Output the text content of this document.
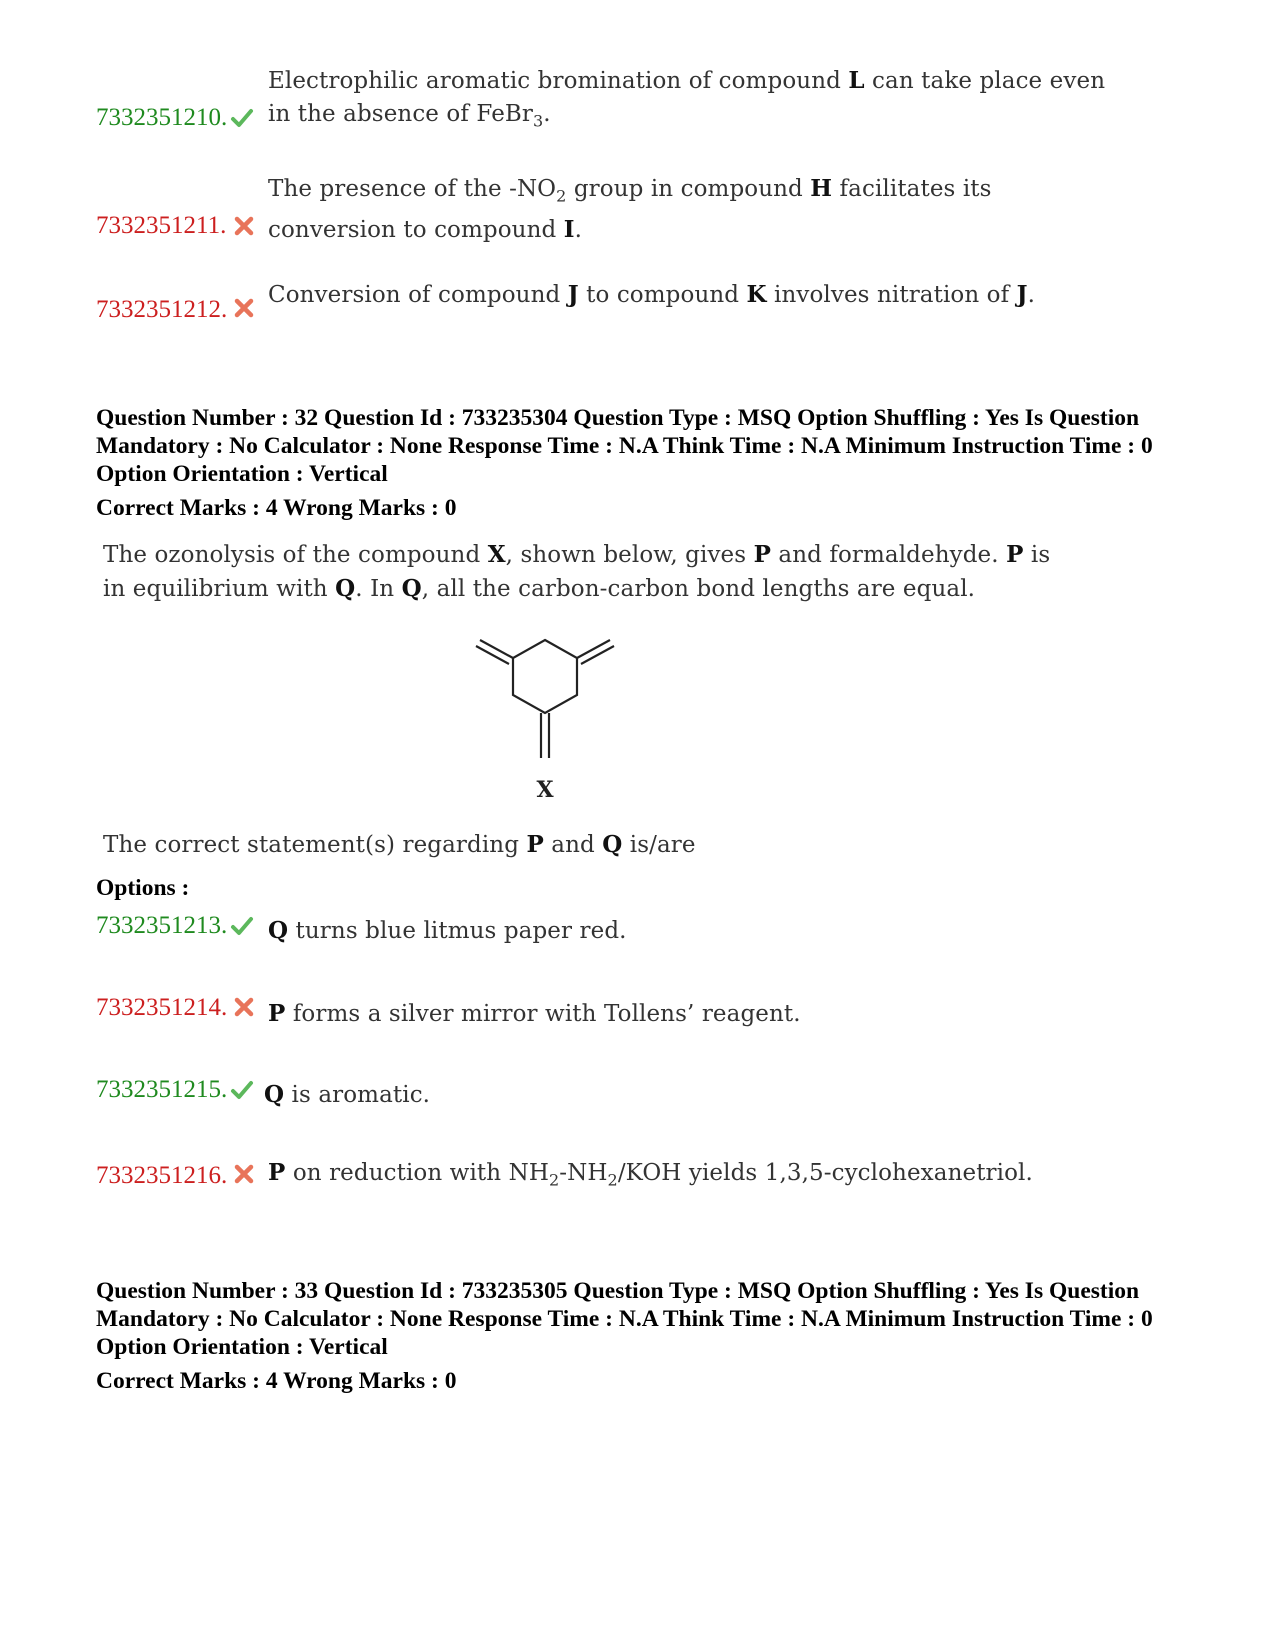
7332351210.
Electrophilic aromatic bromination of compound L can take place even in the absence of FeBr$_3$.
7332351211.
The presence of the $-NO_2$ group in compound H facilitates its conversion to compound I.
7332351212.
Conversion of compound J to compound K involves nitration of J.
Question Number : 32 Question Id : 733235304 Question Type : MSQ Option Shuffling : Yes Is Question Mandatory : No Calculator : None Response Time : N.A Think Time : N.A Minimum Instruction Time : 0 Option Orientation : Vertical
Correct Marks : 4 Wrong Marks : 0
The ozonolysis of the compound X, shown below, gives P and formaldehyde. P is in equilibrium with Q. In Q, all the carbon-carbon bond lengths are equal.
X
The correct statement(s) regarding P and Q is/are
Options :
7332351213. Q turns blue litmus paper red.
7332351214. P forms a silver mirror with Tollens’ reagent.
7332351215. Q is aromatic.
7332351216. P on reduction with $NH_2-NH_2$/KOH yields 1,3,5-cyclohexanetriol.
Question Number : 33 Question Id : 733235305 Question Type : MSQ Option Shuffling : Yes Is Question Mandatory : No Calculator : None Response Time : N.A Think Time : N.A Minimum Instruction Time : 0 Option Orientation : Vertical
Correct Marks : 4 Wrong Marks : 0
